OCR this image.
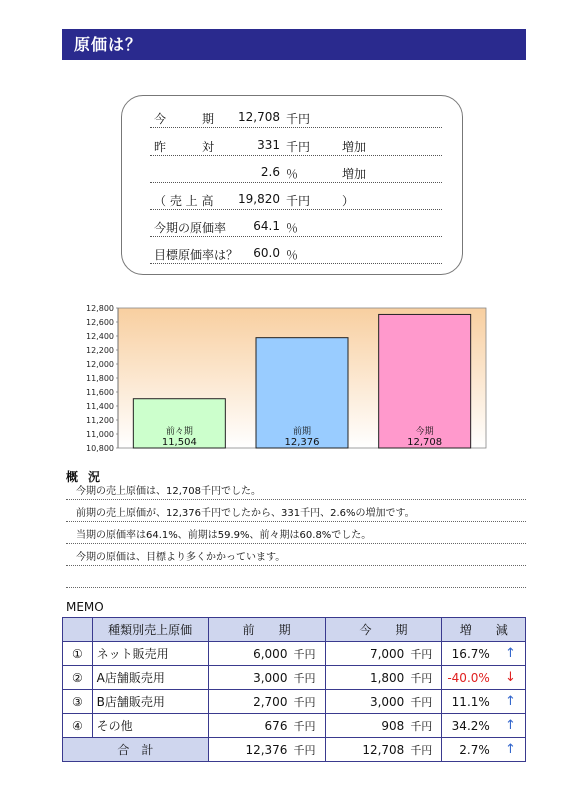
原価は？
今　　　期 12,708 千円
昨　　　対	331 千円	増加
2.6 ％	増加
（ 売 上 高 19,820 千円	）
今期の原価率 64.1 ％
目標原価率は？ 60.0 ％
10,800
11,000
11,200
11,400
11,600
11,800
12,000
12,200
12,400
12,600
12,800
前々期
11,504
前期
12,376
今期
12,708
概況
今期の売上原価は、12,708千円でした。
前期の売上原価が、12,376千円でしたから、331千円、2.6%の増加です。
当期の原価率は64.1%、前期は59.9%、前々期は60.8%でした。
今期の原価は、目標より多くかかっています。
MEMO
	種類別売上原価	前　　期		今　　期		増　　減	
①	ネット販売用	6,000	千円	7,000	千円	16.7%	↑
②	A店舗販売用	3,000	千円	1,800	千円	-40.0%	↓
③	B店舗販売用	2,700	千円	3,000	千円	11.1%	↑
④	その他	676	千円	908	千円	34.2%	↑
合　計		12,376	千円	12,708	千円	2.7%	↑
